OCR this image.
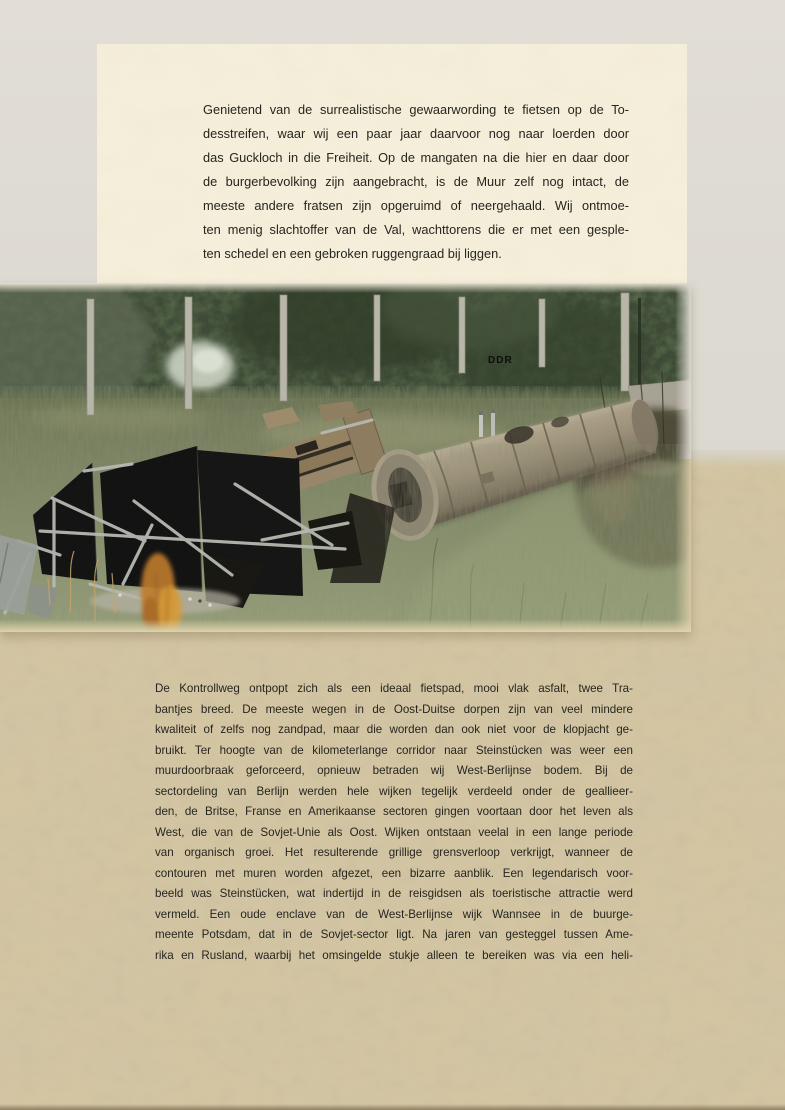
Genietend van de surrealistische gewaarwording te fietsen op de To-
desstreifen, waar wij een paar jaar daarvoor nog naar loerden door
das Guckloch in die Freiheit. Op de mangaten na die hier en daar door
de burgerbevolking zijn aangebracht, is de Muur zelf nog intact, de
meeste andere fratsen zijn opgeruimd of neergehaald. Wij ontmoe-
ten menig slachtoffer van de Val, wachttorens die er met een gesple-
ten schedel en een gebroken ruggengraad bij liggen.
DDR
De Kontrollweg ontpopt zich als een ideaal fietspad, mooi vlak asfalt, twee Tra-
bantjes breed. De meeste wegen in de Oost-Duitse dorpen zijn van veel mindere
kwaliteit of zelfs nog zandpad, maar die worden dan ook niet voor de klopjacht ge-
bruikt. Ter hoogte van de kilometerlange corridor naar Steinstücken was weer een
muurdoorbraak geforceerd, opnieuw betraden wij West-Berlijnse bodem. Bij de
sectordeling van Berlijn werden hele wijken tegelijk verdeeld onder de geallieer-
den, de Britse, Franse en Amerikaanse sectoren gingen voortaan door het leven als
West, die van de Sovjet-Unie als Oost. Wijken ontstaan veelal in een lange periode
van organisch groei. Het resulterende grillige grensverloop verkrijgt, wanneer de
contouren met muren worden afgezet, een bizarre aanblik. Een legendarisch voor-
beeld was Steinstücken, wat indertijd in de reisgidsen als toeristische attractie werd
vermeld. Een oude enclave van de West-Berlijnse wijk Wannsee in de buurge-
meente Potsdam, dat in de Sovjet-sector ligt. Na jaren van gesteggel tussen Ame-
rika en Rusland, waarbij het omsingelde stukje alleen te bereiken was via een heli-
